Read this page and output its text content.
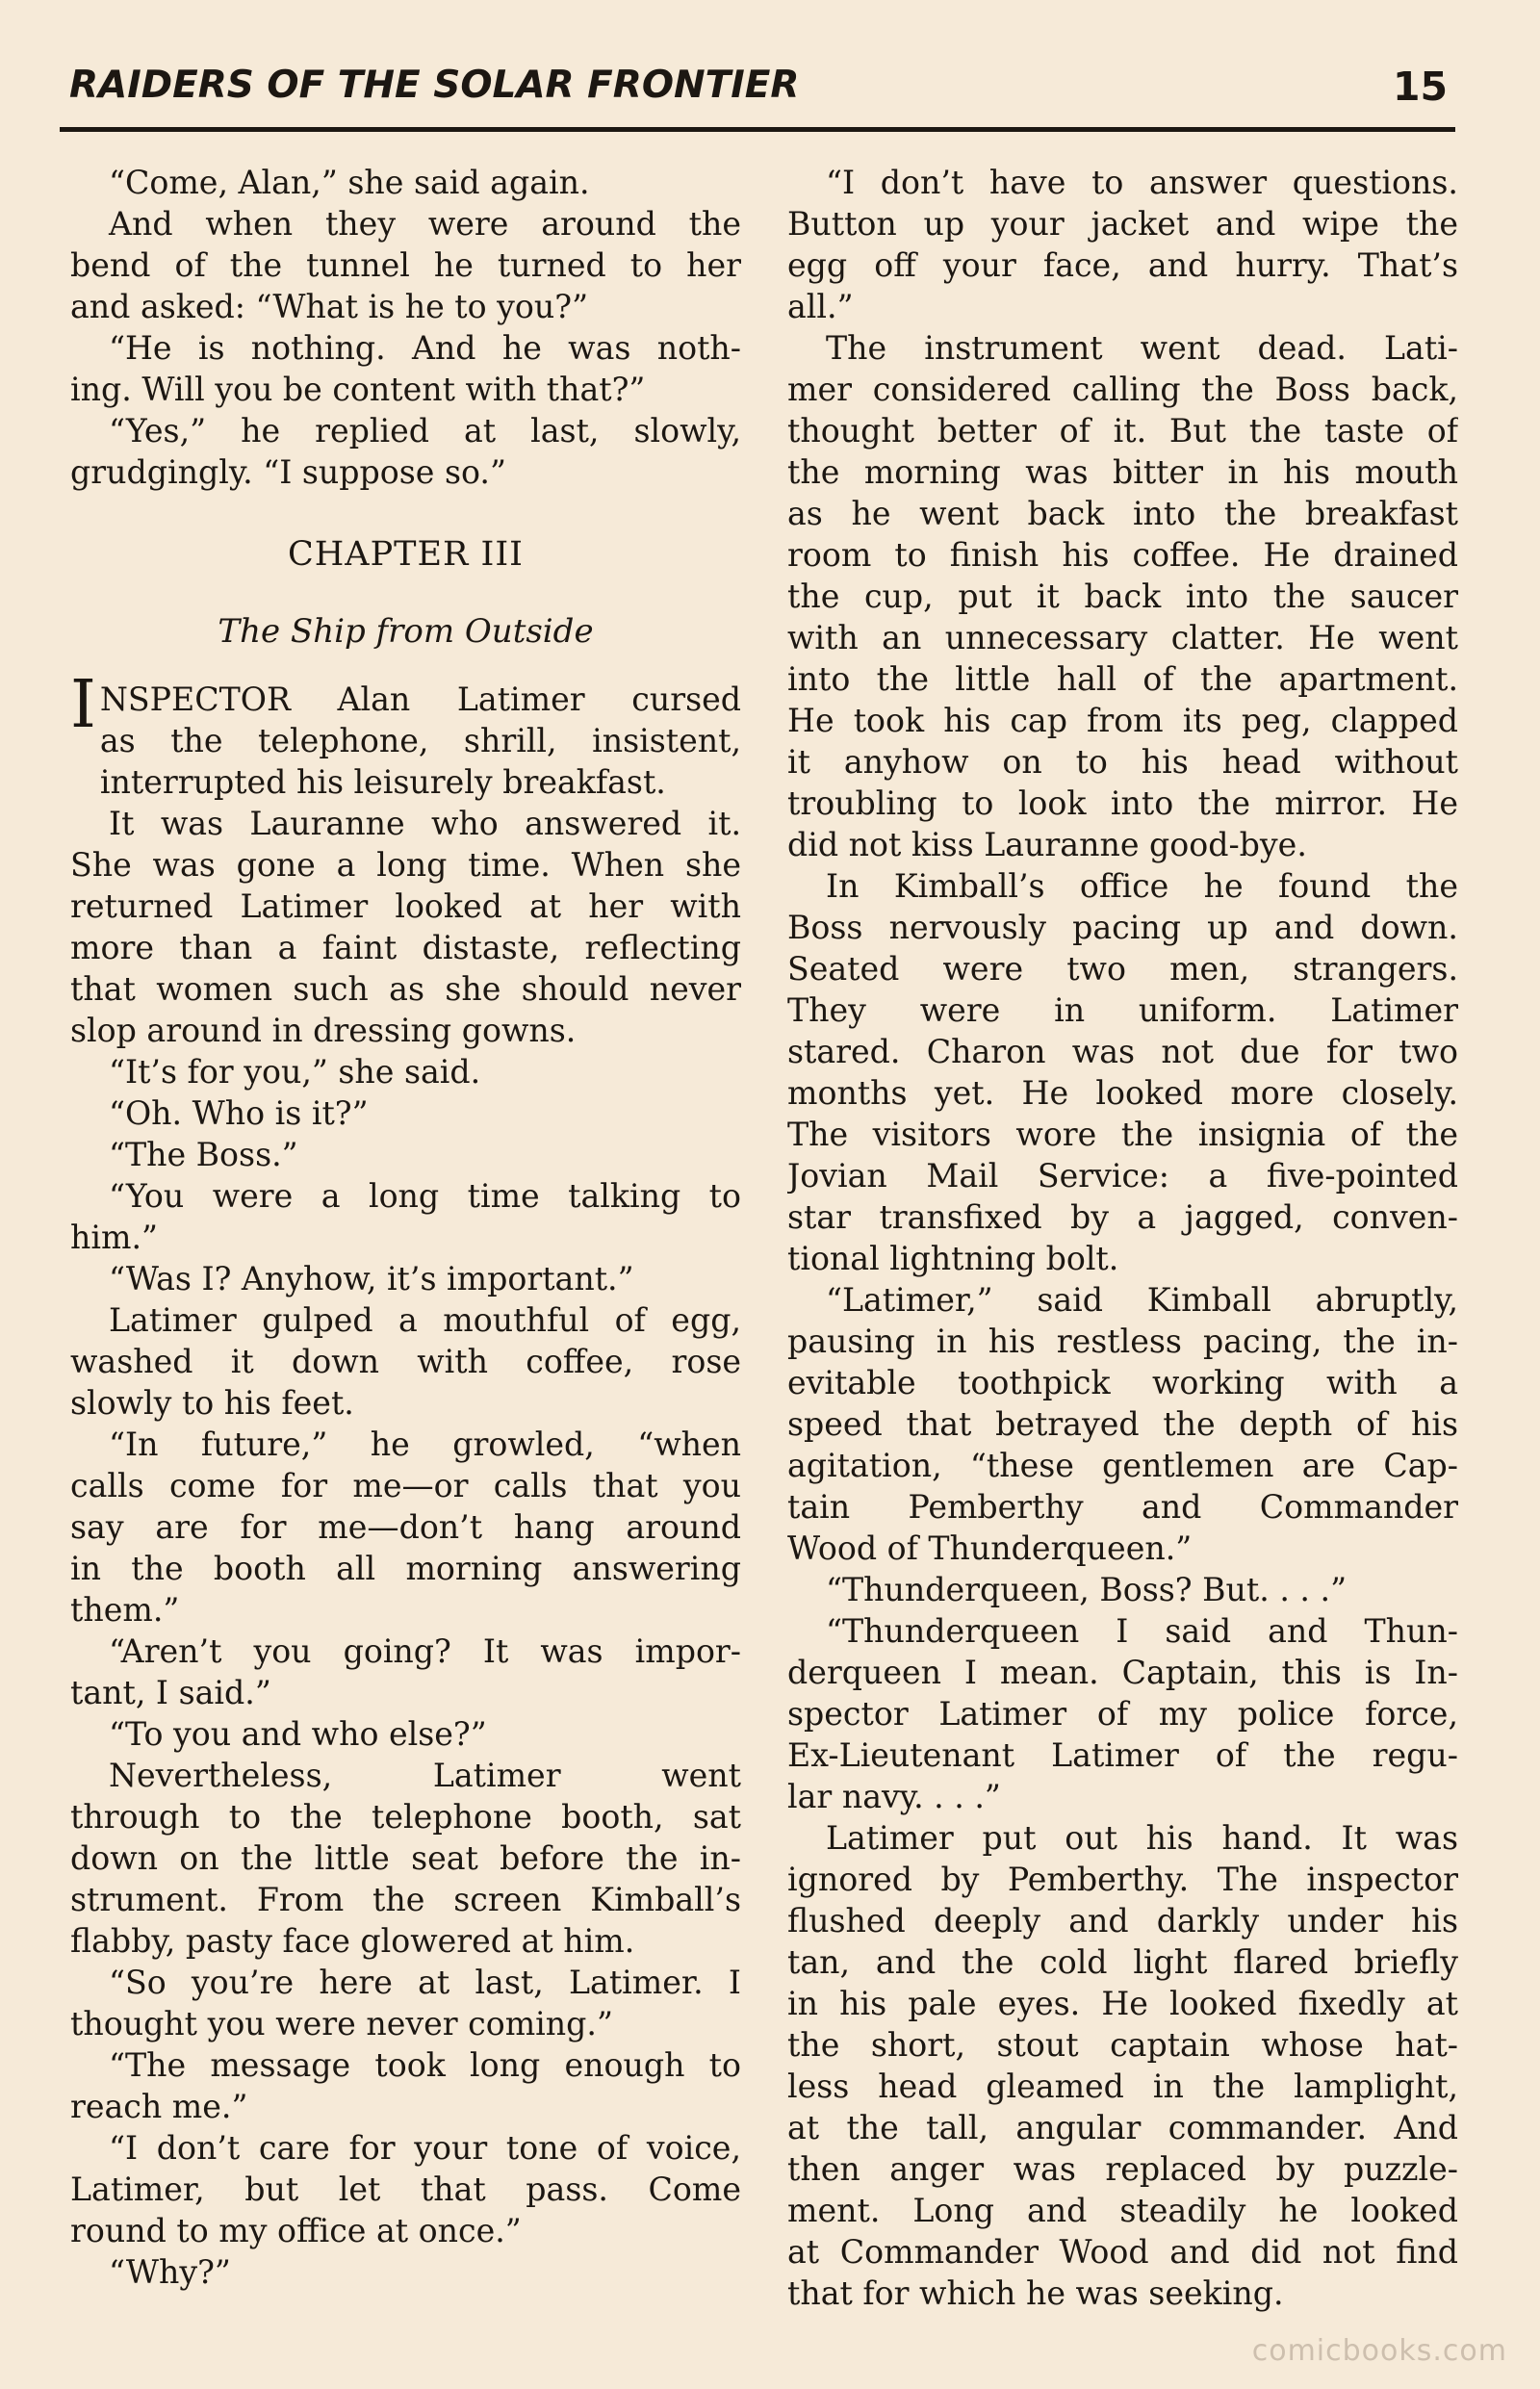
RAIDERS OF THE SOLAR FRONTIER	15
“Come, Alan,” she said again.
And when they were around the
bend of the tunnel he turned to her
and asked: “What is he to you?”
“He is nothing. And he was noth-
ing. Will you be content with that?”
“Yes,” he replied at last, slowly,
grudgingly. “I suppose so.”
CHAPTER III
The Ship from Outside
I NSPECTOR Alan Latimer cursed
as the telephone, shrill, insistent,
interrupted his leisurely breakfast.
It was Lauranne who answered it.
She was gone a long time. When she
returned Latimer looked at her with
more than a faint distaste, reflecting
that women such as she should never
slop around in dressing gowns.
“It’s for you,” she said.
“Oh. Who is it?”
“The Boss.”
“You were a long time talking to
him.”
“Was I? Anyhow, it’s important.”
Latimer gulped a mouthful of egg,
washed it down with coffee, rose
slowly to his feet.
“In future,” he growled, “when
calls come for me—or calls that you
say are for me—don’t hang around
in the booth all morning answering
them.”
“Aren’t you going? It was impor-
tant, I said.”
“To you and who else?”
Nevertheless, Latimer went
through to the telephone booth, sat
down on the little seat before the in-
strument. From the screen Kimball’s
flabby, pasty face glowered at him.
“So you’re here at last, Latimer. I
thought you were never coming.”
“The message took long enough to
reach me.”
“I don’t care for your tone of voice,
Latimer, but let that pass. Come
round to my office at once.”
“Why?”
“I don’t have to answer questions.
Button up your jacket and wipe the
egg off your face, and hurry. That’s
all.”
The instrument went dead. Lati-
mer considered calling the Boss back,
thought better of it. But the taste of
the morning was bitter in his mouth
as he went back into the breakfast
room to finish his coffee. He drained
the cup, put it back into the saucer
with an unnecessary clatter. He went
into the little hall of the apartment.
He took his cap from its peg, clapped
it anyhow on to his head without
troubling to look into the mirror. He
did not kiss Lauranne good-bye.
In Kimball’s office he found the
Boss nervously pacing up and down.
Seated were two men, strangers.
They were in uniform. Latimer
stared. Charon was not due for two
months yet. He looked more closely.
The visitors wore the insignia of the
Jovian Mail Service: a five-pointed
star transfixed by a jagged, conven-
tional lightning bolt.
“Latimer,” said Kimball abruptly,
pausing in his restless pacing, the in-
evitable toothpick working with a
speed that betrayed the depth of his
agitation, “these gentlemen are Cap-
tain Pemberthy and Commander
Wood of Thunderqueen.”
“Thunderqueen, Boss? But. . . .”
“Thunderqueen I said and Thun-
derqueen I mean. Captain, this is In-
spector Latimer of my police force,
Ex-Lieutenant Latimer of the regu-
lar navy. . . .”
Latimer put out his hand. It was
ignored by Pemberthy. The inspector
flushed deeply and darkly under his
tan, and the cold light flared briefly
in his pale eyes. He looked fixedly at
the short, stout captain whose hat-
less head gleamed in the lamplight,
at the tall, angular commander. And
then anger was replaced by puzzle-
ment. Long and steadily he looked
at Commander Wood and did not find
that for which he was seeking.
comicbooks.com
